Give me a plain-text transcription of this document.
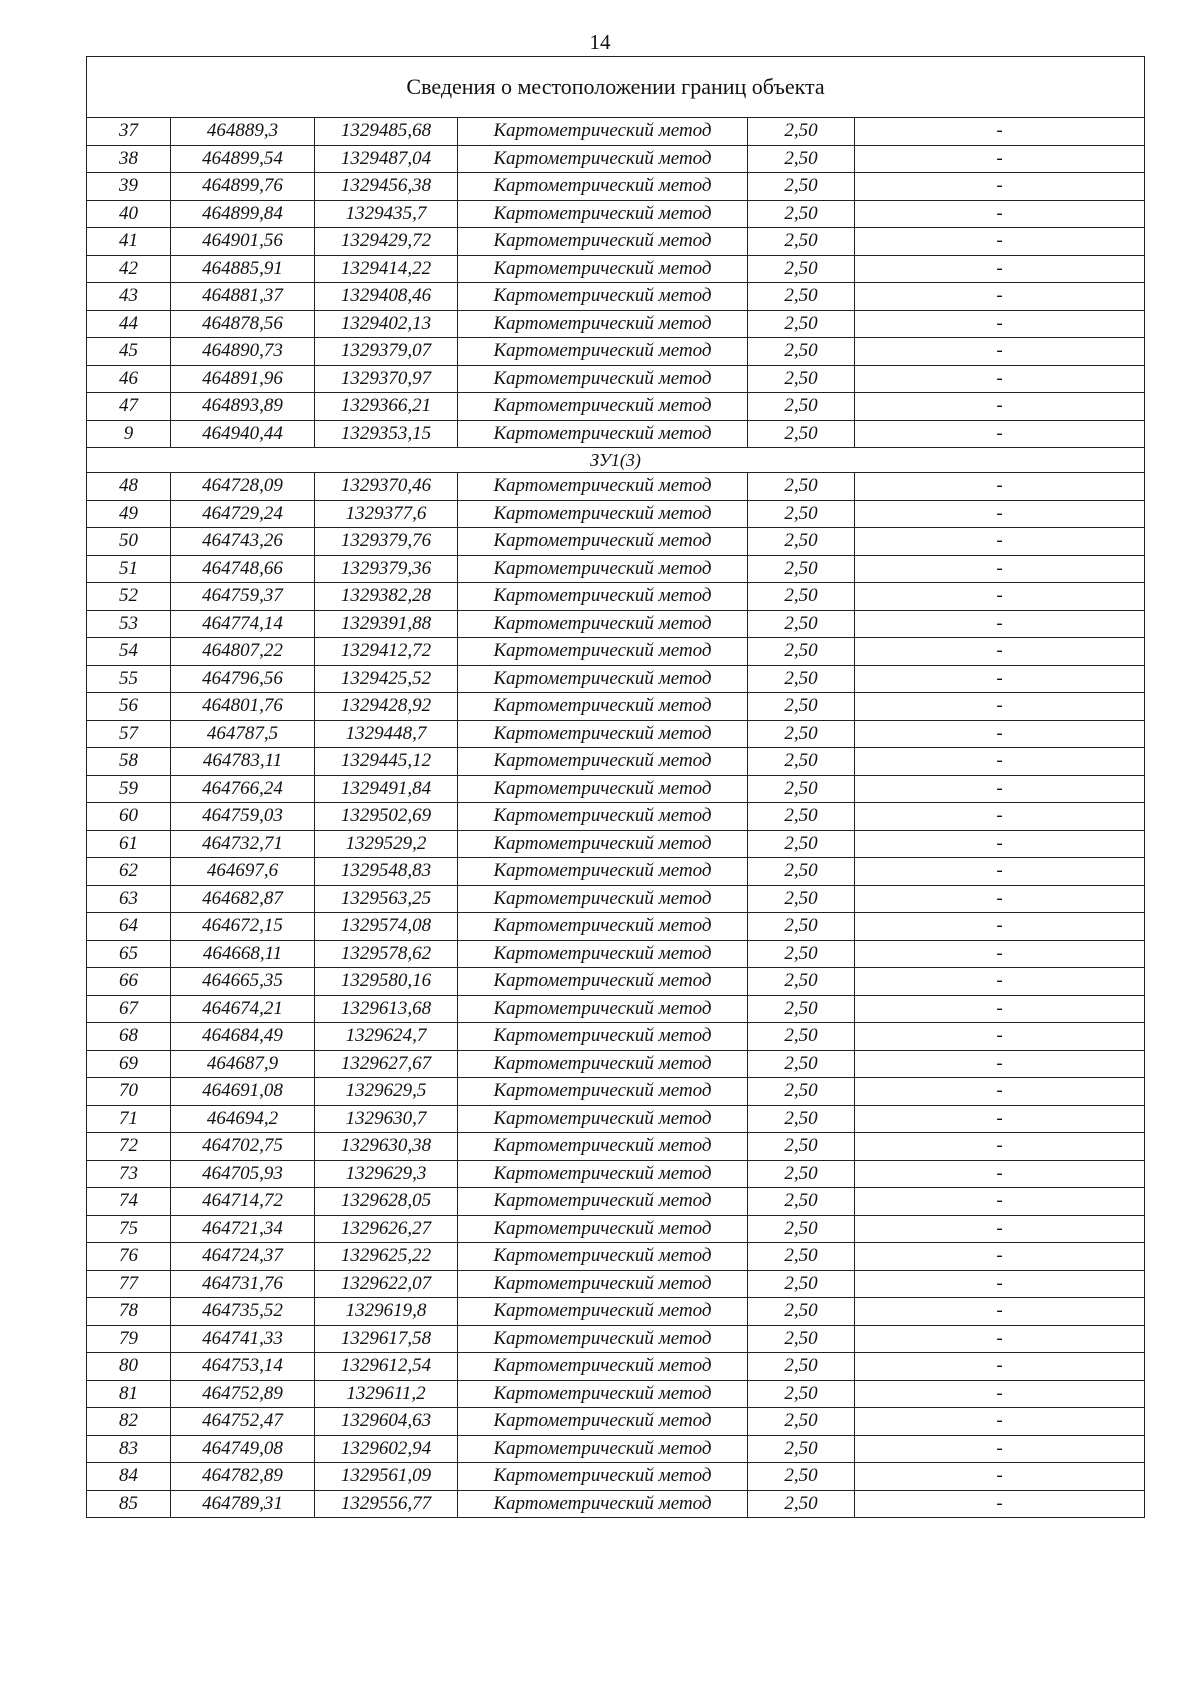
14
Сведения о местоположении границ объекта					
37	464889,3	1329485,68	Картометрический метод	2,50	-
38	464899,54	1329487,04	Картометрический метод	2,50	-
39	464899,76	1329456,38	Картометрический метод	2,50	-
40	464899,84	1329435,7	Картометрический метод	2,50	-
41	464901,56	1329429,72	Картометрический метод	2,50	-
42	464885,91	1329414,22	Картометрический метод	2,50	-
43	464881,37	1329408,46	Картометрический метод	2,50	-
44	464878,56	1329402,13	Картометрический метод	2,50	-
45	464890,73	1329379,07	Картометрический метод	2,50	-
46	464891,96	1329370,97	Картометрический метод	2,50	-
47	464893,89	1329366,21	Картометрический метод	2,50	-
9	464940,44	1329353,15	Картометрический метод	2,50	-
ЗУ1(3)					
48	464728,09	1329370,46	Картометрический метод	2,50	-
49	464729,24	1329377,6	Картометрический метод	2,50	-
50	464743,26	1329379,76	Картометрический метод	2,50	-
51	464748,66	1329379,36	Картометрический метод	2,50	-
52	464759,37	1329382,28	Картометрический метод	2,50	-
53	464774,14	1329391,88	Картометрический метод	2,50	-
54	464807,22	1329412,72	Картометрический метод	2,50	-
55	464796,56	1329425,52	Картометрический метод	2,50	-
56	464801,76	1329428,92	Картометрический метод	2,50	-
57	464787,5	1329448,7	Картометрический метод	2,50	-
58	464783,11	1329445,12	Картометрический метод	2,50	-
59	464766,24	1329491,84	Картометрический метод	2,50	-
60	464759,03	1329502,69	Картометрический метод	2,50	-
61	464732,71	1329529,2	Картометрический метод	2,50	-
62	464697,6	1329548,83	Картометрический метод	2,50	-
63	464682,87	1329563,25	Картометрический метод	2,50	-
64	464672,15	1329574,08	Картометрический метод	2,50	-
65	464668,11	1329578,62	Картометрический метод	2,50	-
66	464665,35	1329580,16	Картометрический метод	2,50	-
67	464674,21	1329613,68	Картометрический метод	2,50	-
68	464684,49	1329624,7	Картометрический метод	2,50	-
69	464687,9	1329627,67	Картометрический метод	2,50	-
70	464691,08	1329629,5	Картометрический метод	2,50	-
71	464694,2	1329630,7	Картометрический метод	2,50	-
72	464702,75	1329630,38	Картометрический метод	2,50	-
73	464705,93	1329629,3	Картометрический метод	2,50	-
74	464714,72	1329628,05	Картометрический метод	2,50	-
75	464721,34	1329626,27	Картометрический метод	2,50	-
76	464724,37	1329625,22	Картометрический метод	2,50	-
77	464731,76	1329622,07	Картометрический метод	2,50	-
78	464735,52	1329619,8	Картометрический метод	2,50	-
79	464741,33	1329617,58	Картометрический метод	2,50	-
80	464753,14	1329612,54	Картометрический метод	2,50	-
81	464752,89	1329611,2	Картометрический метод	2,50	-
82	464752,47	1329604,63	Картометрический метод	2,50	-
83	464749,08	1329602,94	Картометрический метод	2,50	-
84	464782,89	1329561,09	Картометрический метод	2,50	-
85	464789,31	1329556,77	Картометрический метод	2,50	-
